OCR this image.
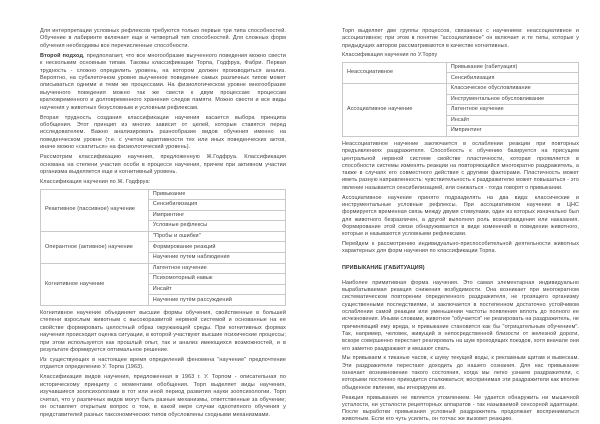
Для интерпретации условных рефлексов требуются только первые три типа способностей. Обучение в лабиринте включает еще и четвертый тип способностей. Для сложных форм обучения необходимы все перечисленные способности.

Второй подход, предполагает, что все многообразие выученного поведения можно свести к нескольким основным типам. Таковы классификации Торпа, Годфруа, Фабри. Первая трудность - сложно определить уровень, на котором должен производиться анализ. Вероятно, на субклеточном уровне выученное поведение самых различных типов может описываться одними и теми же процессами. На физиологическом уровне многообразие выученного поведения можно так же свести к двум процессам: процессам кратковременного и долговременного хранения следов памяти. Можно свести и все виды научения у животных безусловным и условным рефлексам.

Вторая трудность создания классификации научения касается выбора принципа обобщения. Этот принцип из многих зависит от целей, которые ставятся перед исследователем. Важно анализировать разнообразие видов обучения именно на поведенческом уровне (т.е. с учетом адаптивности тех или иных поведенческих актов, иначе можно «скатиться» на физиологический уровень).

Рассмотрим классификацию научения, предложенную Ж.Годфруа. Классификация основана на степени участия особи в процессе научения, причем при активном участии организма выделяется еще и когнитивный уровень.

Классификация научения по Ж. Годфруа:

Реактивное (пассивное) научение	Привыкание
	Сенсибилизация
	Импринтинг
	Условные рефлексы
Оперантное (активное) научение	"Пробы и ошибки"
	Формирование реакций
	Научение путем наблюдения
Когнитивное научение	Латентное научение
	Психомоторный навык
	Инсайт
	Научение путём рассуждений

Когнитивное научение объединяет высшие формы обучения, свойственные в большей степени взрослым животным с высокоразвитой нервной системой и основанные на ее свойстве формировать целостный образ окружающей среды. При когнитивных формах научения происходит оценка ситуации, в которой участвуют высшие психические процессы; при этом используется как прошлый опыт, так и анализ имеющихся возможностей, и в результате формируется оптимальное решение.

Из существующих в настоящее время определений феномена "научение" предпочтение отдается определению У. Торпа (1963).

Классификация видов научения, предложенная в 1963 г. У. Торпом - описательная по историческому принципу с моментами обобщения. Торп выделяет виды научения, изучавшиеся зоопсихологами в тот или иной период развития науки зоопсихологии. Торп считал, что у различных видов могут быть разные механизмы, ответственные за обучение; он оставляет открытым вопрос о том, в какой мере случаи однотипного обучения у представителей разных таксономических типов обусловлены сходными механизмами.

Торп выделяет две группы процессов, связанных с научением: неассоциативное и ассоциативное; при этом в понятие "ассоциативное" он включает и те типы, которые у предыдущих авторов рассматриваются в качестве когнитивных.

Классификация научения по У.Торпу

Неассоциативное	Привыкание (габитуация)
	Сенсибилизация
Ассоциативное научение	Классическое обусловливание
	Инструментальное обусловливание
	Латентное научение
	Инсайт
	Импринтинг

Неассоциативное научение заключается в ослаблении реакции при повторных предъявлениях раздражителя. Способность к обучению базируется на присущем центральной нервной системе свойстве пластичности, которая проявляется в способности системы изменять реакции на повторяющийся многократно раздражитель, а также в случаях его совместного действия с другими факторами. Пластичность может иметь разную направленность: чувствительность к раздражителю может повышаться - это явление называется сенсибилизацией, или снижаться - тогда говорят о привыкании.

Ассоциативное научение принято подразделять на два вида: классические и инструментальные условные рефлексы. При ассоциативном научении в ЦНС формируется временная связь между двумя стимулами, один из которых изначально был для животного безразличен, а другой выполнял роль вознаграждения или наказания. Формирование этой связи обнаруживается в виде изменений в поведении животного, которые и называются условными рефлексами.

Перейдем к рассмотрению индивидуально-приспособительной деятельности животных характерных для форм научения по классификации Торпа.

ПРИВЫКАНИЕ (ГАБИТУАЦИЯ)

Наиболее примитивная форма научения. Это самая элементарная индивидуально вырабатываемая реакция снижения возбудимости. Она возникает при многократном систематическом повторении определенного раздражителя, не грозящего организму существенными последствиями, и заключается в постепенном достаточно устойчивом ослаблении самой реакции или уменьшении частоты появления вплоть до полного ее исчезновения. Иными словами, животное "обучается" не реагировать на раздражитель, не причиняющий ему вреда, и привыкание становится как бы "отрицательным обучением". Так, например, человек, живущий в непосредственной близости от железной дороги, вскоре совершенно перестает реагировать на шум проходящих поездов, хотя вначале они его заметно раздражают и мешают спать.

Мы привыкаем к тиканью часов, к шуму текущей воды, к рекламным щитам и вывескам. Эти раздражители перестают доходить до нашего сознания. Для нас привыкание означает возникновение такого состояния, когда мы легко узнаем раздражители, с которыми постоянно приходится сталкиваться; воспринимая эти раздражители как вполне обыденное явление, мы игнорируем их.

Реакция привыкания не является утомлением. Не удается обнаружить ни мышечной усталости, ни усталости рецепторных аппаратов - так называемой сенсорной адаптации. После выработки привыкания условный раздражитель продолжает восприниматься животным. Если его чуть усилить, он тотчас же вызовет реакцию.
